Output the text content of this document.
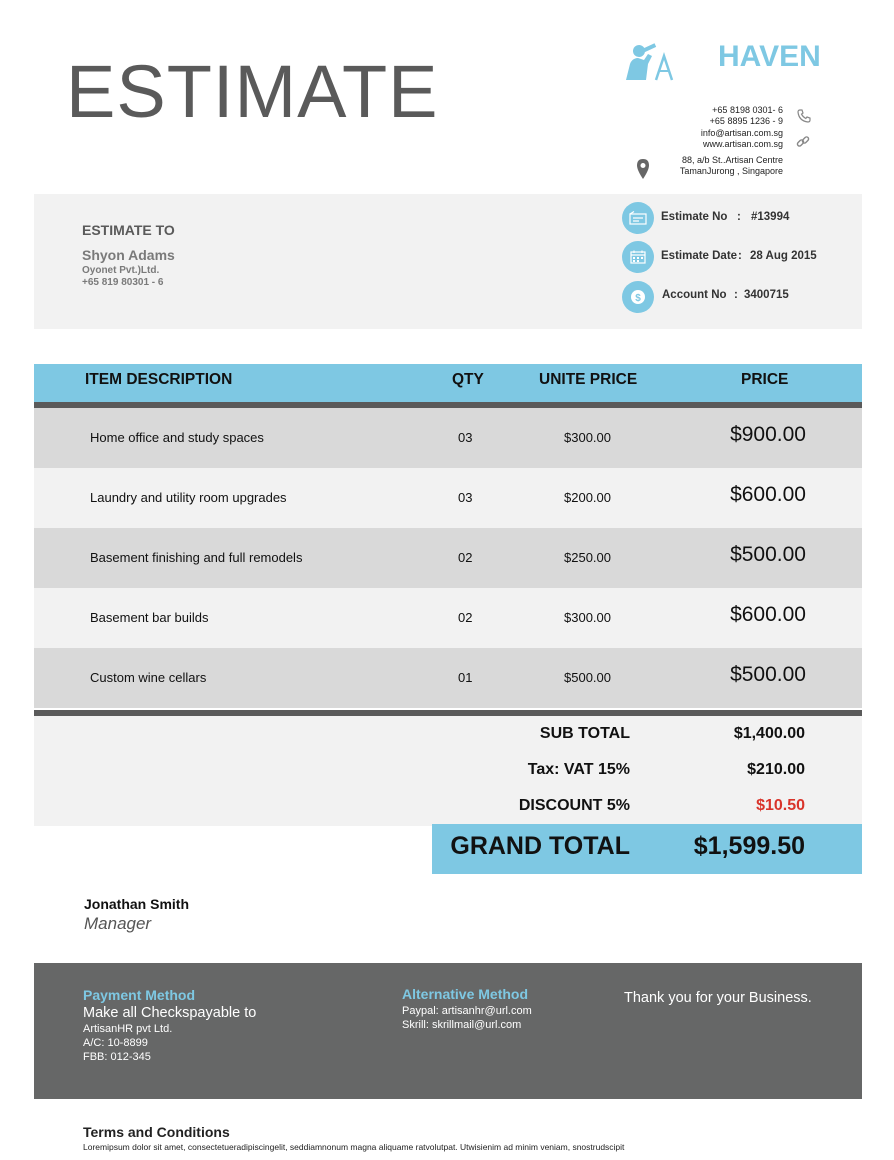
ESTIMATE	HAVEN
+65 8198 0301- 6
+65 8895 1236 - 9
info@artisan.com.sg
www.artisan.com.sg
88, a/b St..Artisan Centre
TamanJurong , Singapore
ESTIMATE TO
Shyon Adams
Oyonet Pvt.)Ltd.
+65 819 80301 - 6
Estimate No : #13994
Estimate Date : 28 Aug 2015
$ Account No : 3400715
ITEM DESCRIPTION	QTY	UNITE PRICE	PRICE
Home office and study spaces	03	$300.00	$900.00
Laundry and utility room upgrades	03	$200.00	$600.00
Basement finishing and full remodels	02	$250.00	$500.00
Basement bar builds	02	$300.00	$600.00
Custom wine cellars	01	$500.00	$500.00
SUB TOTAL	$1,400.00
Tax: VAT 15%	$210.00
DISCOUNT 5%	$10.50
GRAND TOTAL	$1,599.50
Jonathan Smith
Manager
Payment Method
Make all Checkspayable to
ArtisanHR pvt Ltd.
A/C: 10-8899
FBB: 012-345
Alternative Method
Paypal: artisanhr@url.com
Skrill: skrillmail@url.com
Thank you for your Business.
Terms and Conditions
Loremipsum dolor sit amet, consectetueradipiscingelit, seddiamnonum magna aliquame ratvolutpat. Utwisienim ad minim veniam, snostrudscipit
